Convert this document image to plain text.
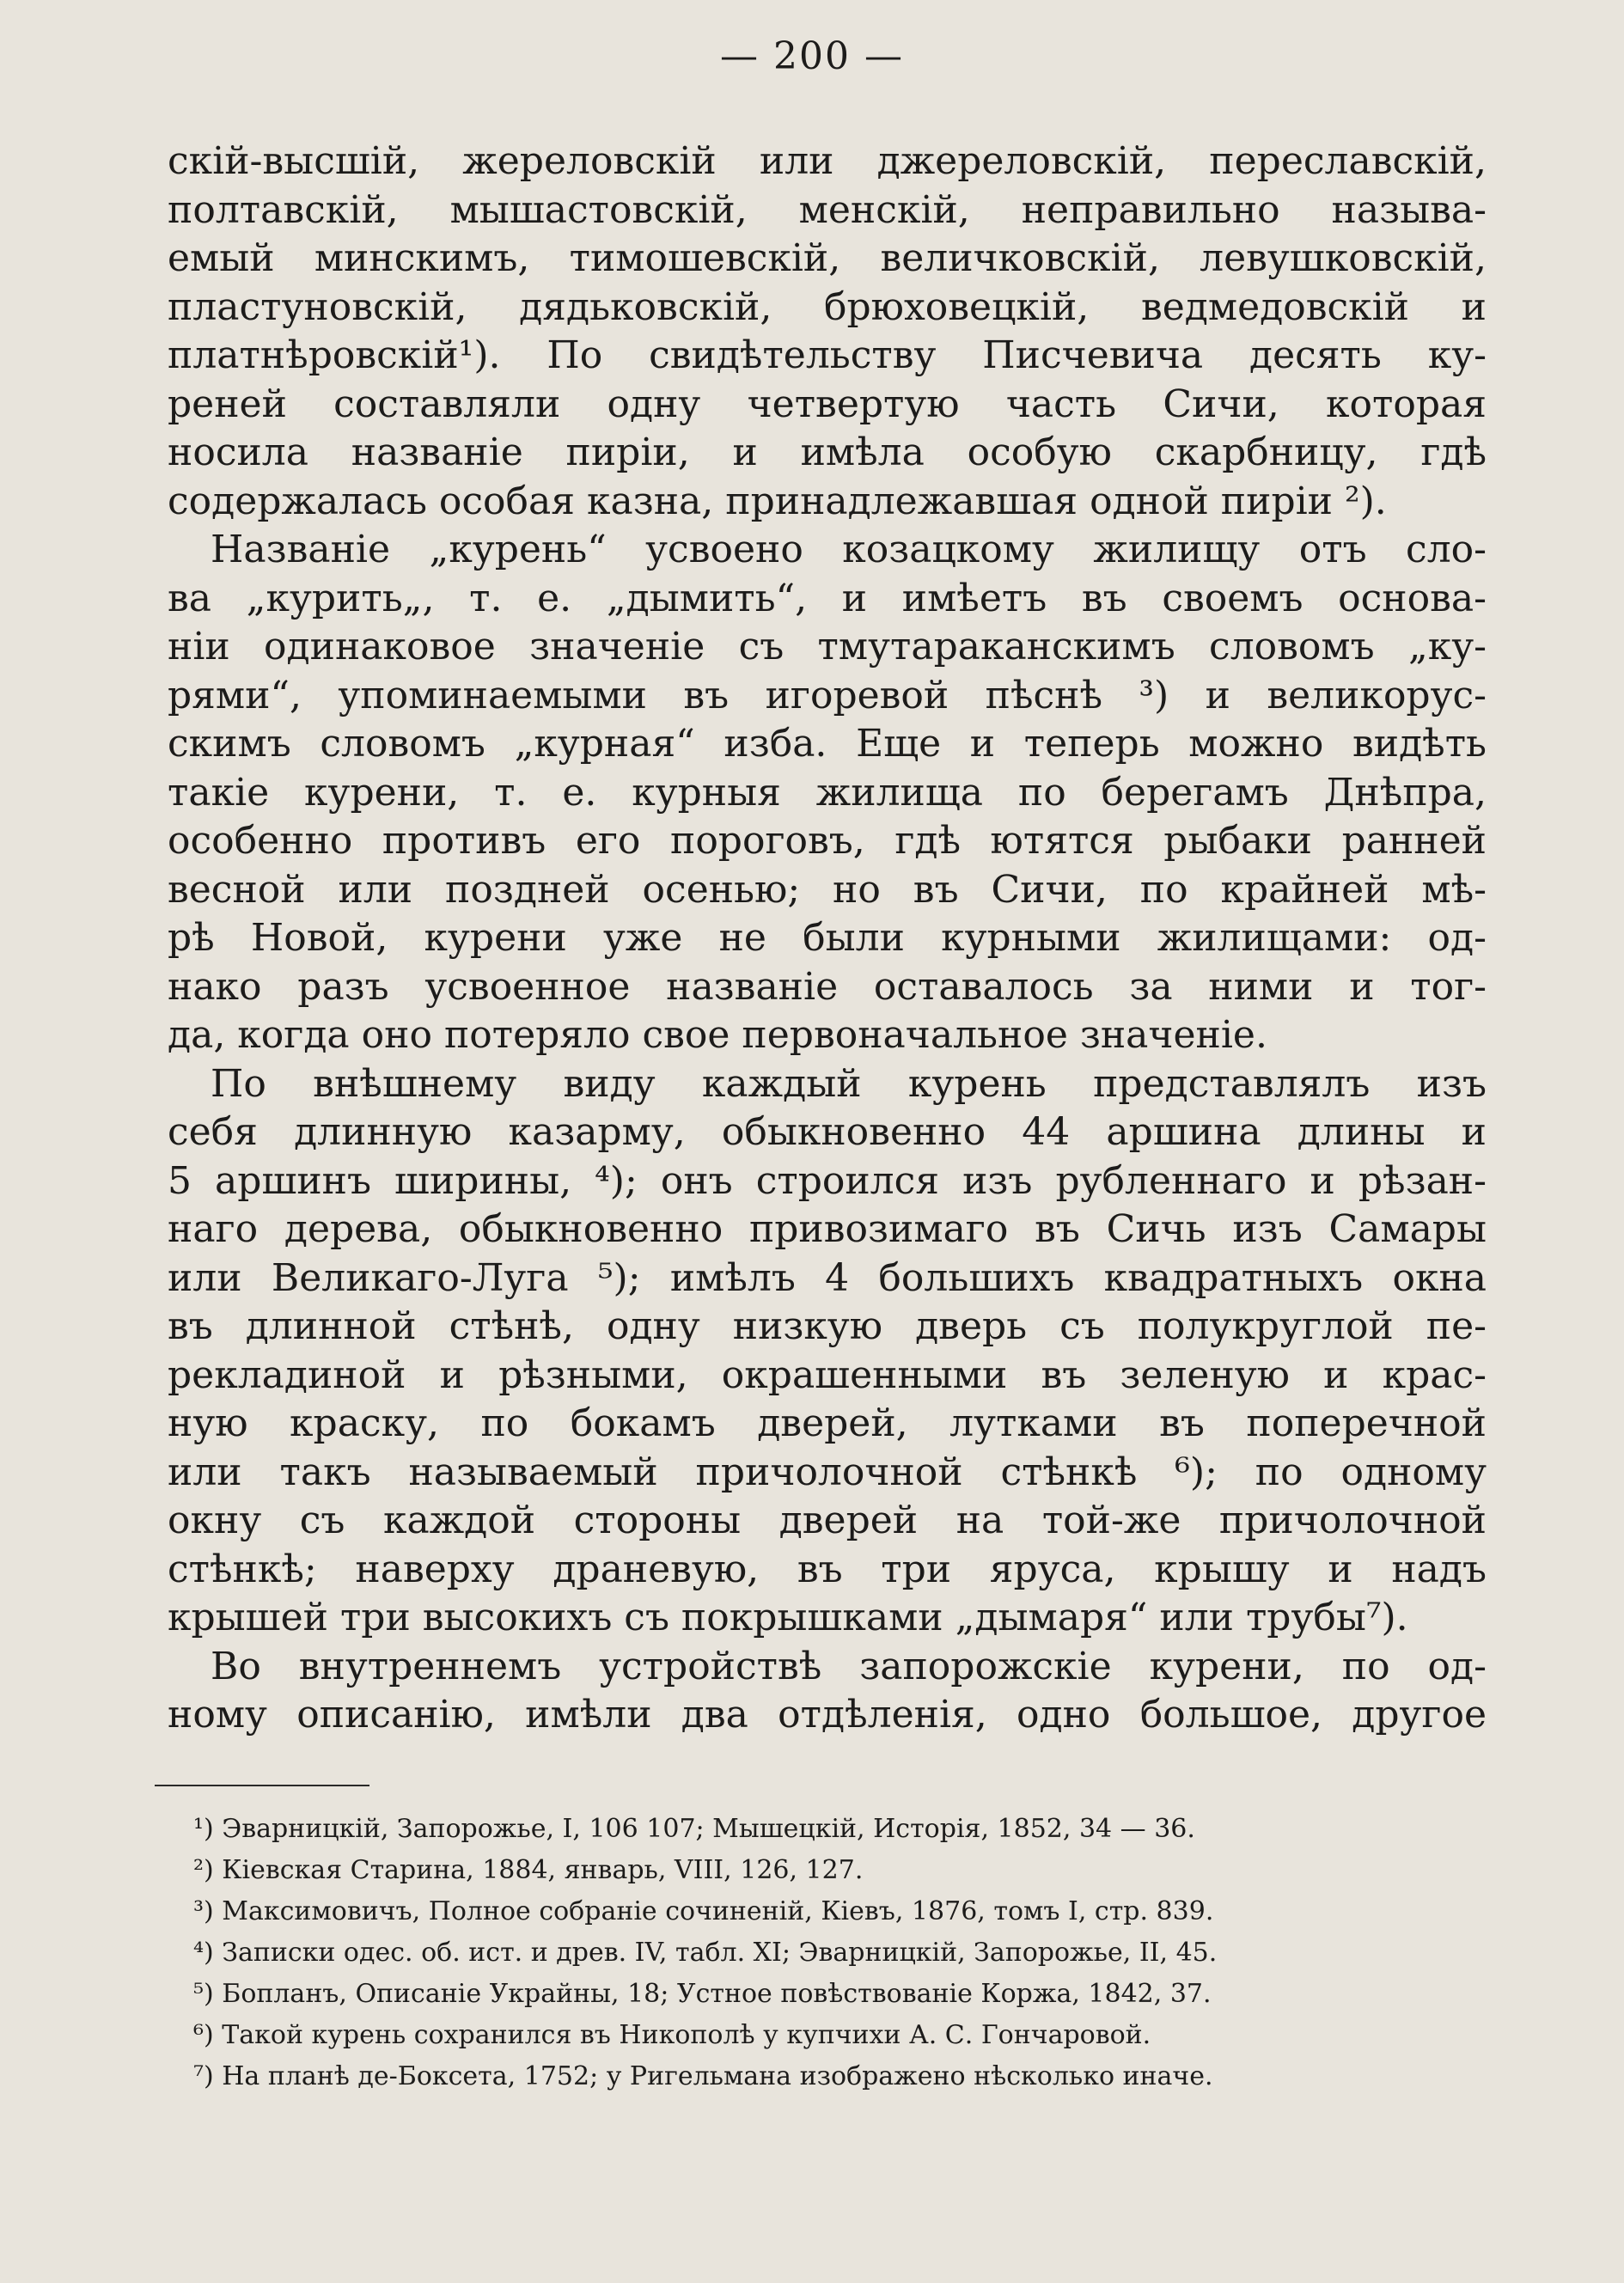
— 200 —
скій-высшій, жереловскій или джереловскій, переславскій,
полтавскій, мышастовскій, менскій, неправильно называ-
емый минскимъ, тимошевскій, величковскій, левушковскій,
пластуновскій, дядьковскій, брюховецкій, ведмедовскій и
платнѣровскій¹). По свидѣтельству Писчевича десять ку-
реней составляли одну четвертую часть Сичи, которая
носила названіе пиріи, и имѣла особую скарбницу, гдѣ
содержалась особая казна, принадлежавшая одной пиріи ²).
Названіе „курень“ усвоено козацкому жилищу отъ сло-
ва „курить„, т. е. „дымить“, и имѣетъ въ своемъ основа-
ніи одинаковое значеніе съ тмутараканскимъ словомъ „ку-
рями“, упоминаемыми въ игоревой пѣснѣ ³) и великорус-
скимъ словомъ „курная“ изба. Еще и теперь можно видѣть
такіе курени, т. е. курныя жилища по берегамъ Днѣпра,
особенно противъ его пороговъ, гдѣ ютятся рыбаки ранней
весной или поздней осенью; но въ Сичи, по крайней мѣ-
рѣ Новой, курени уже не были курными жилищами: од-
нако разъ усвоенное названіе оставалось за ними и тог-
да, когда оно потеряло свое первоначальное значеніе.
По внѣшнему виду каждый курень представлялъ изъ
себя длинную казарму, обыкновенно 44 аршина длины и
5 аршинъ ширины, ⁴); онъ строился изъ рубленнаго и рѣзан-
наго дерева, обыкновенно привозимаго въ Сичь изъ Самары
или Великаго-Луга ⁵); имѣлъ 4 большихъ квадратныхъ окна
въ длинной стѣнѣ, одну низкую дверь съ полукруглой пе-
рекладиной и рѣзными, окрашенными въ зеленую и крас-
ную краску, по бокамъ дверей, лутками въ поперечной
или такъ называемый причолочной стѣнкѣ ⁶); по одному
окну съ каждой стороны дверей на той-же причолочной
стѣнкѣ; наверху драневую, въ три яруса, крышу и надъ
крышей три высокихъ съ покрышками „дымаря“ или трубы⁷).
Во внутреннемъ устройствѣ запорожскіе курени, по од-
ному описанію, имѣли два отдѣленія, одно большое, другое
¹) Эварницкій, Запорожье, I, 106 107; Мышецкій, Исторія, 1852, 34 — 36.
²) Кіевская Старина, 1884, январь, VIII, 126, 127.
³) Максимовичъ, Полное собраніе сочиненій, Кіевъ, 1876, томъ I, стр. 839.
⁴) Записки одес. об. ист. и древ. IV, табл. XI; Эварницкій, Запорожье, II, 45.
⁵) Бопланъ, Описаніе Украйны, 18; Устное повѣствованіе Коржа, 1842, 37.
⁶) Такой курень сохранился въ Никополѣ у купчихи А. С. Гончаровой.
⁷) На планѣ де-Боксета, 1752; у Ригельмана изображено нѣсколько иначе.
